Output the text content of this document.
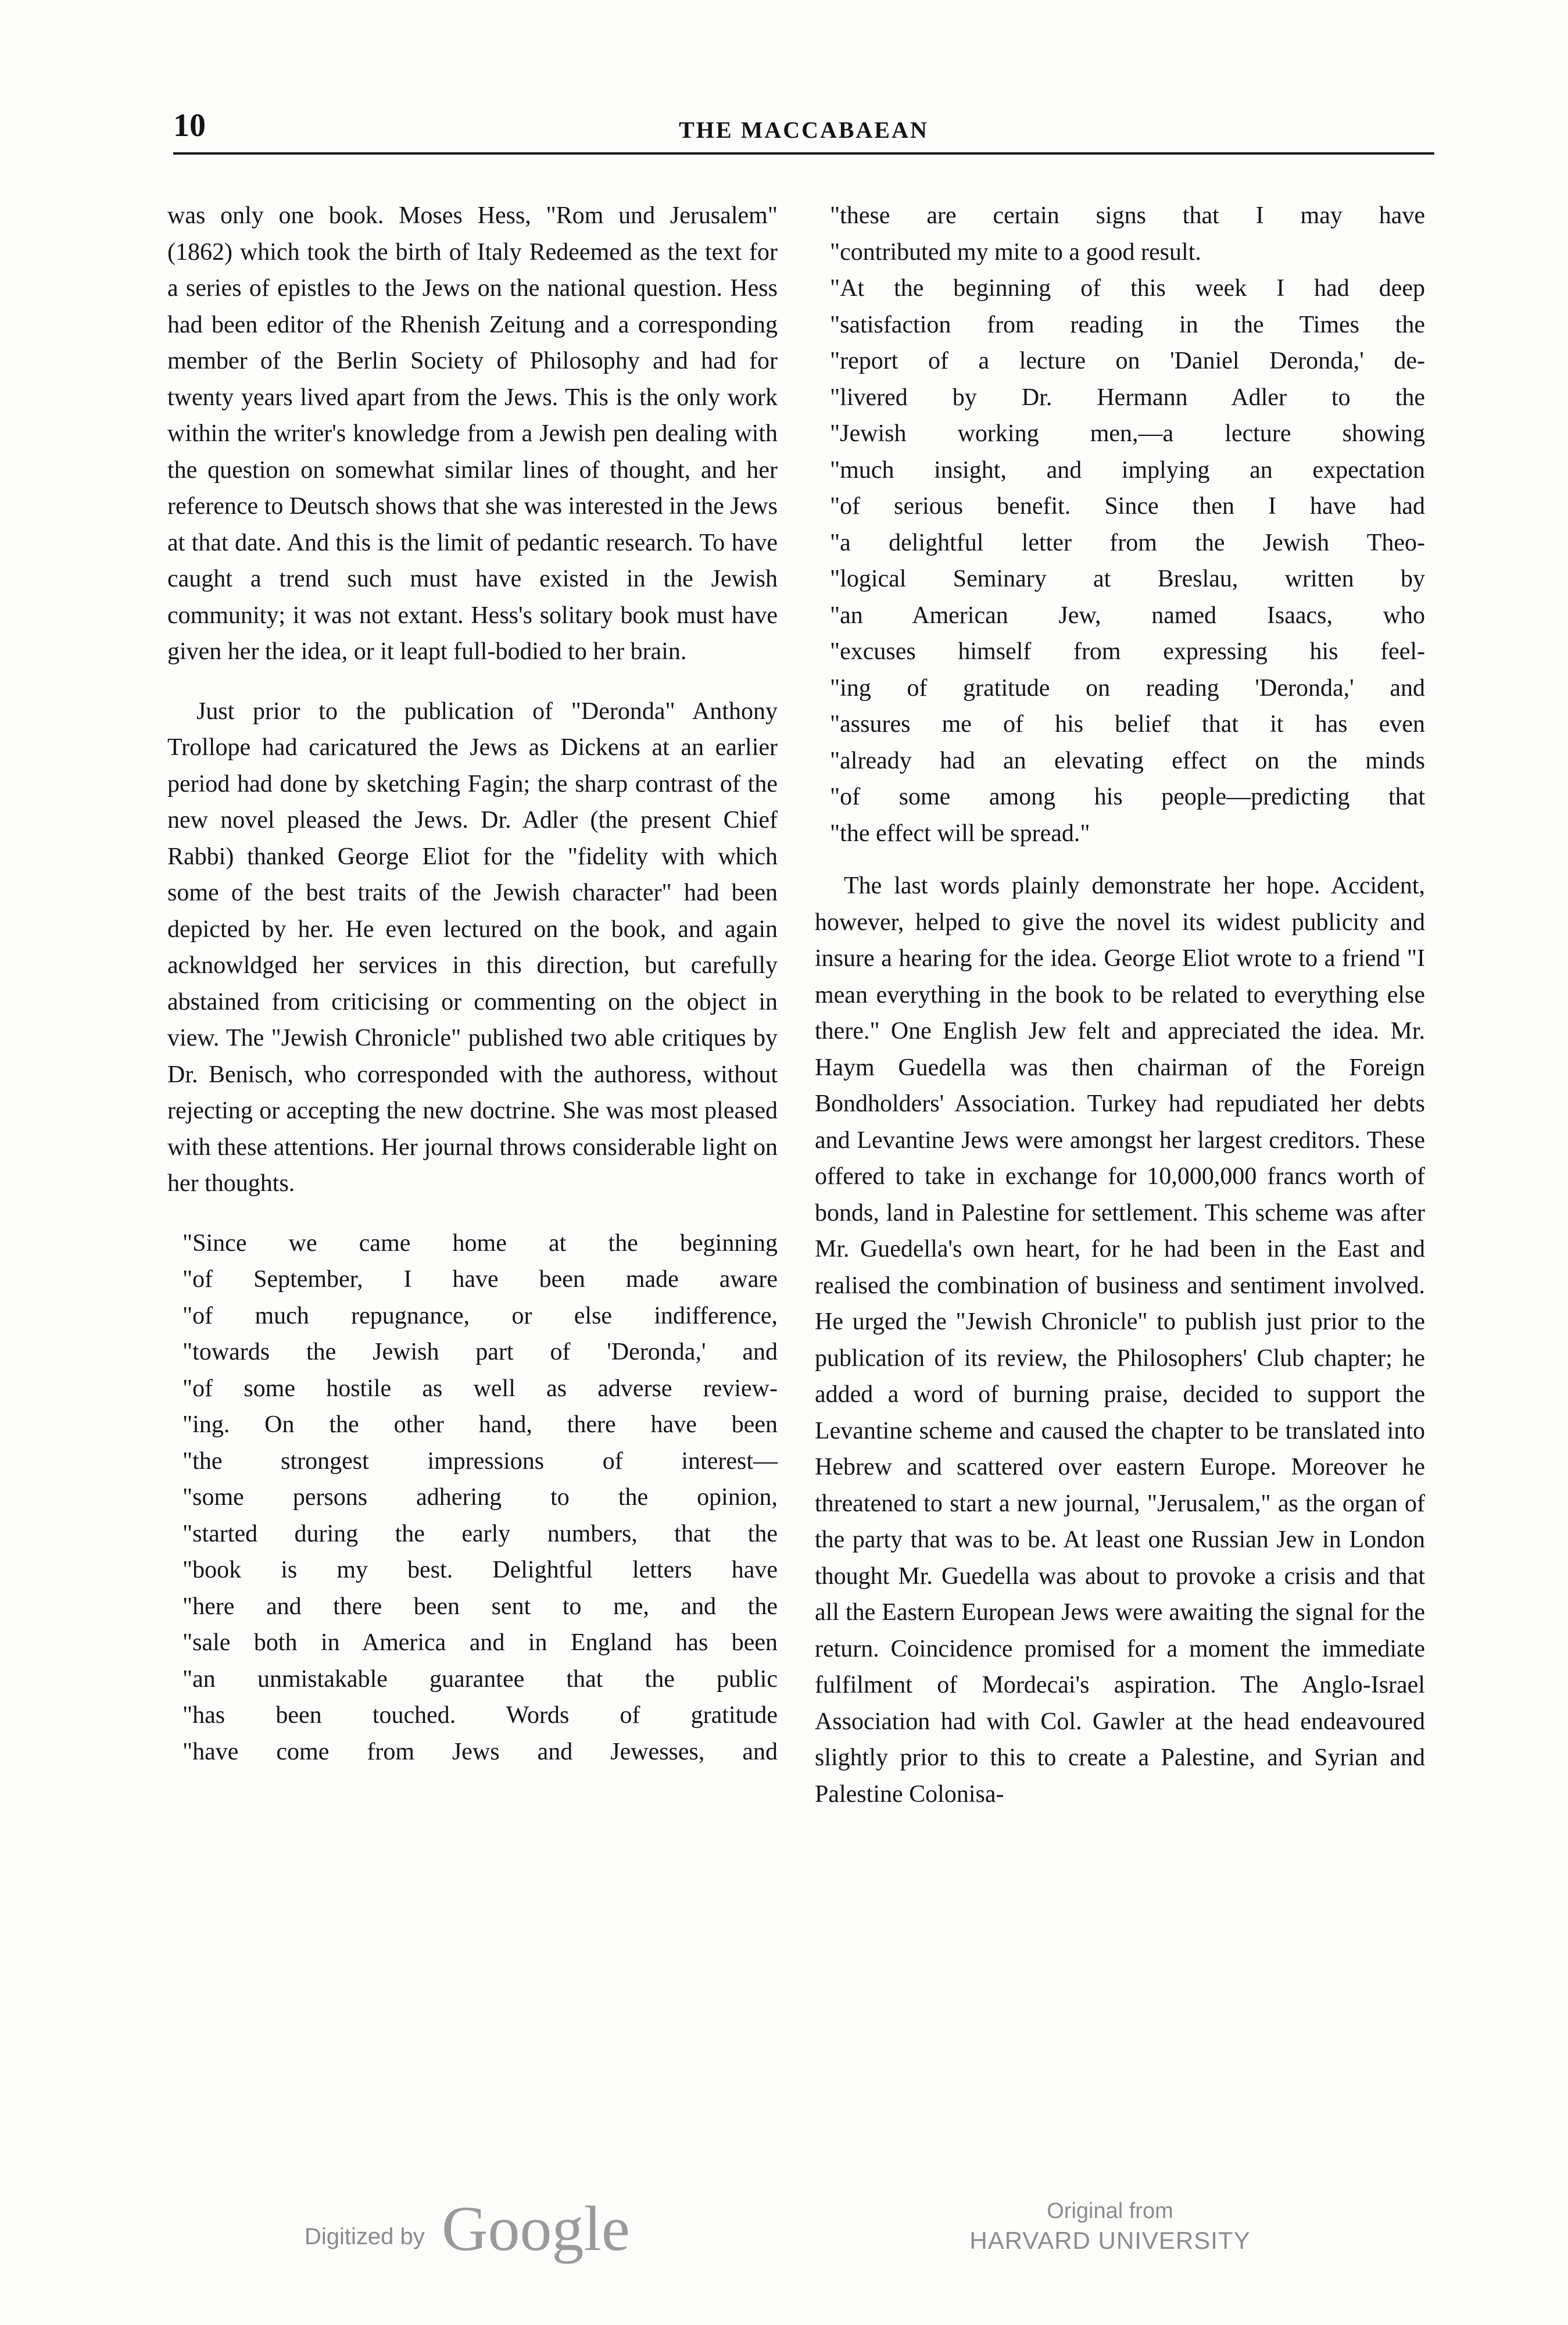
10	THE MACCABAEAN

was only one book. Moses Hess, "Rom und Jerusalem" (1862) which took the birth of Italy Redeemed as the text for a series of epistles to the Jews on the national question. Hess had been editor of the Rhenish Zeitung and a corresponding member of the Berlin Society of Philosophy and had for twenty years lived apart from the Jews. This is the only work within the writer's knowledge from a Jewish pen dealing with the question on somewhat similar lines of thought, and her reference to Deutsch shows that she was interested in the Jews at that date. And this is the limit of pedantic research. To have caught a trend such must have existed in the Jewish community; it was not extant. Hess's solitary book must have given her the idea, or it leapt full-bodied to her brain.

Just prior to the publication of "Deronda" Anthony Trollope had caricatured the Jews as Dickens at an earlier period had done by sketching Fagin; the sharp contrast of the new novel pleased the Jews. Dr. Adler (the present Chief Rabbi) thanked George Eliot for the "fidelity with which some of the best traits of the Jewish character" had been depicted by her. He even lectured on the book, and again acknowldged her services in this direction, but carefully abstained from criticising or commenting on the object in view. The "Jewish Chronicle" published two able critiques by Dr. Benisch, who corresponded with the authoress, without rejecting or accepting the new doctrine. She was most pleased with these attentions. Her journal throws considerable light on her thoughts.

"Since we came home at the beginning
"of September, I have been made aware
"of much repugnance, or else indifference,
"towards the Jewish part of 'Deronda,' and
"of some hostile as well as adverse review-
"ing. On the other hand, there have been
"the strongest impressions of interest—
"some persons adhering to the opinion,
"started during the early numbers, that the
"book is my best. Delightful letters have
"here and there been sent to me, and the
"sale both in America and in England has been
"an unmistakable guarantee that the public
"has been touched. Words of gratitude
"have come from Jews and Jewesses, and
"these are certain signs that I may have
"contributed my mite to a good result.
"At the beginning of this week I had deep
"satisfaction from reading in the Times the
"report of a lecture on 'Daniel Deronda,' de-
"livered by Dr. Hermann Adler to the
"Jewish working men,—a lecture showing
"much insight, and implying an expectation
"of serious benefit. Since then I have had
"a delightful letter from the Jewish Theo-
"logical Seminary at Breslau, written by
"an American Jew, named Isaacs, who
"excuses himself from expressing his feel-
"ing of gratitude on reading 'Deronda,' and
"assures me of his belief that it has even
"already had an elevating effect on the minds
"of some among his people—predicting that
"the effect will be spread."

The last words plainly demonstrate her hope. Accident, however, helped to give the novel its widest publicity and insure a hearing for the idea. George Eliot wrote to a friend "I mean everything in the book to be related to everything else there." One English Jew felt and appreciated the idea. Mr. Haym Guedella was then chairman of the Foreign Bondholders' Association. Turkey had repudiated her debts and Levantine Jews were amongst her largest creditors. These offered to take in exchange for 10,000,000 francs worth of bonds, land in Palestine for settlement. This scheme was after Mr. Guedella's own heart, for he had been in the East and realised the combination of business and sentiment involved. He urged the "Jewish Chronicle" to publish just prior to the publication of its review, the Philosophers' Club chapter; he added a word of burning praise, decided to support the Levantine scheme and caused the chapter to be translated into Hebrew and scattered over eastern Europe. Moreover he threatened to start a new journal, "Jerusalem," as the organ of the party that was to be. At least one Russian Jew in London thought Mr. Guedella was about to provoke a crisis and that all the Eastern European Jews were awaiting the signal for the return. Coincidence promised for a moment the immediate fulfilment of Mordecai's aspiration. The Anglo-Israel Association had with Col. Gawler at the head endeavoured slightly prior to this to create a Palestine, and Syrian and Palestine Colonisa-

Digitized by Google	Original from
HARVARD UNIVERSITY
